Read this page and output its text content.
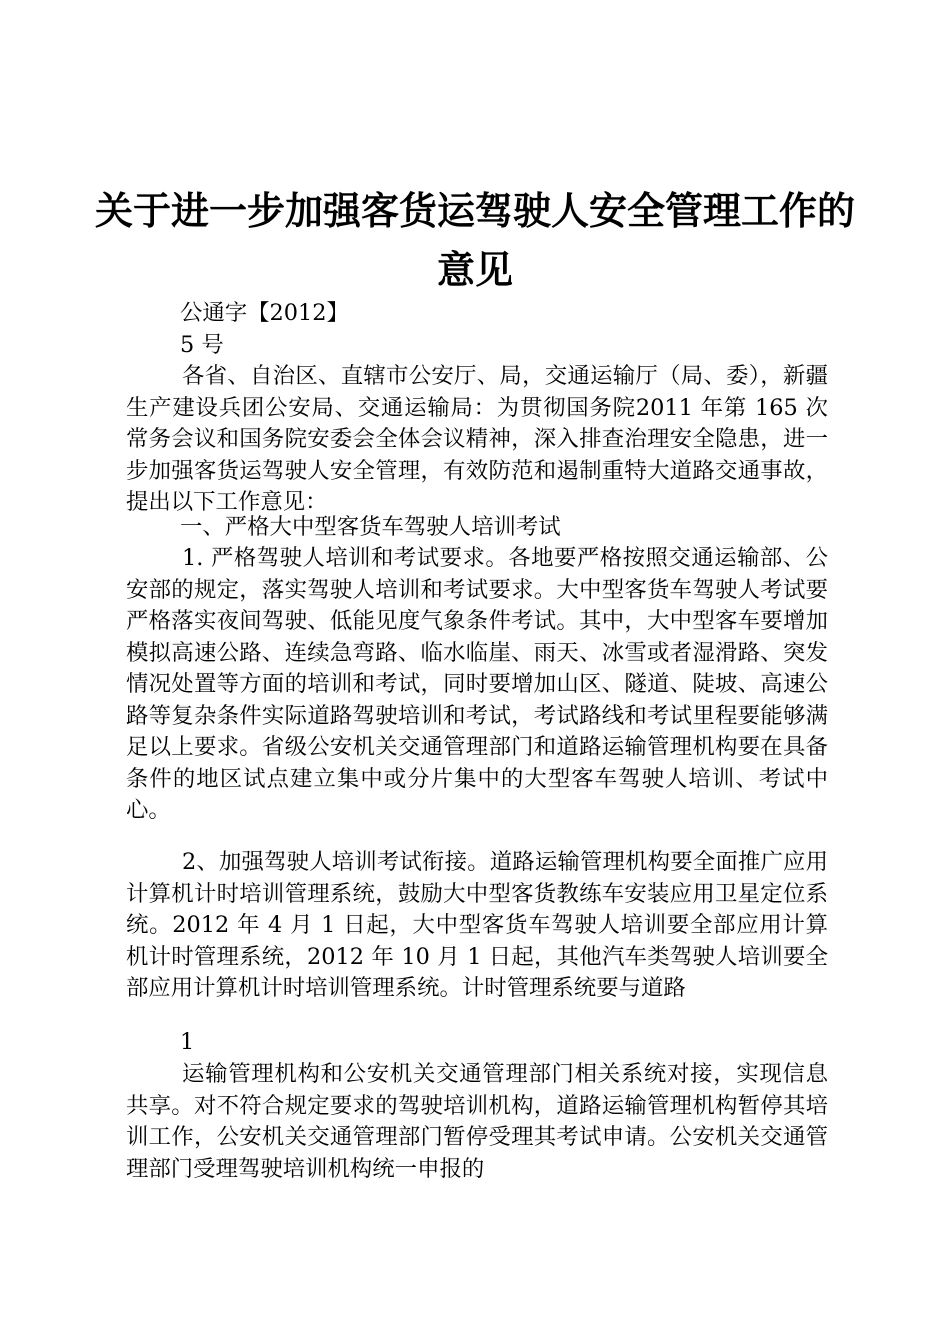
关于进一步加强客货运驾驶人安全管理工作的
意见
公通字【2012】
5 号

各省、自治区、直辖市公安厅、局，交通运输厅（局、委），新疆生产建设兵团公安局、交通运输局：为贯彻国务院2011 年第 165 次常务会议和国务院安委会全体会议精神，深入排查治理安全隐患，进一步加强客货运驾驶人安全管理，有效防范和遏制重特大道路交通事故，提出以下工作意见：

一、严格大中型客货车驾驶人培训考试

1. 严格驾驶人培训和考试要求。各地要严格按照交通运输部、公安部的规定，落实驾驶人培训和考试要求。大中型客货车驾驶人考试要严格落实夜间驾驶、低能见度气象条件考试。其中，大中型客车要增加模拟高速公路、连续急弯路、临水临崖、雨天、冰雪或者湿滑路、突发情况处置等方面的培训和考试，同时要增加山区、隧道、陡坡、高速公路等复杂条件实际道路驾驶培训和考试，考试路线和考试里程要能够满足以上要求。省级公安机关交通管理部门和道路运输管理机构要在具备条件的地区试点建立集中或分片集中的大型客车驾驶人培训、考试中心。

2、加强驾驶人培训考试衔接。道路运输管理机构要全面推广应用计算机计时培训管理系统，鼓励大中型客货教练车安装应用卫星定位系统。2012 年 4 月 1 日起，大中型客货车驾驶人培训要全部应用计算机计时管理系统，2012 年 10 月 1 日起，其他汽车类驾驶人培训要全部应用计算机计时培训管理系统。计时管理系统要与道路

1

运输管理机构和公安机关交通管理部门相关系统对接，实现信息共享。对不符合规定要求的驾驶培训机构，道路运输管理机构暂停其培训工作，公安机关交通管理部门暂停受理其考试申请。公安机关交通管理部门受理驾驶培训机构统一申报的
